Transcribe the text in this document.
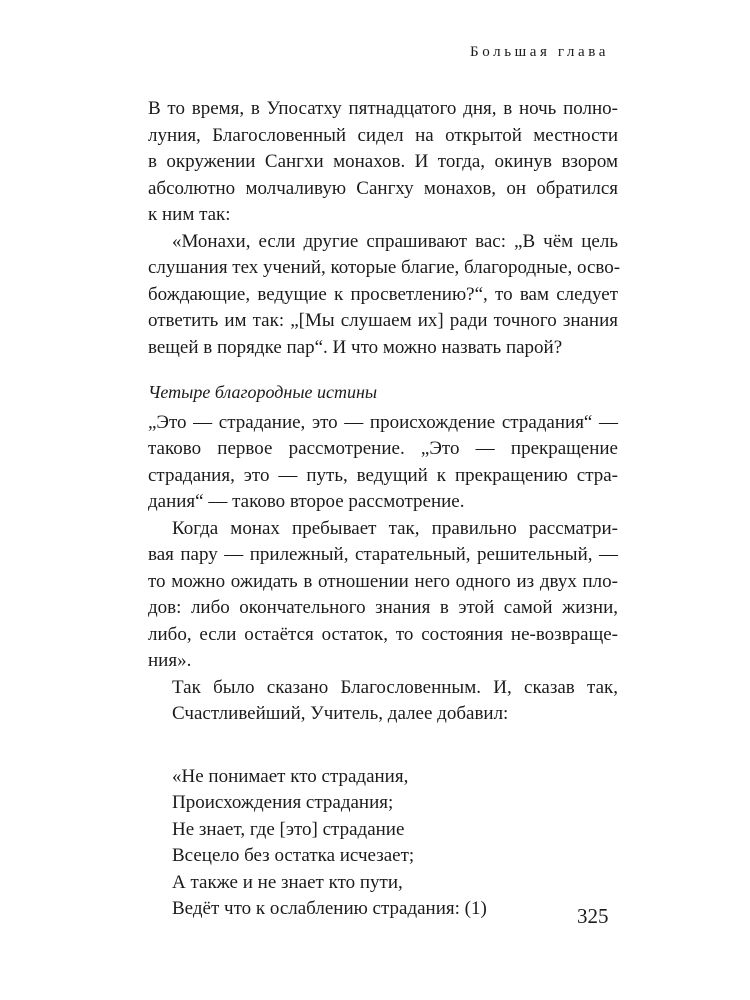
Большая глава

В то время, в Упосатху пятнадцатого дня, в ночь полно-
луния, Благословенный сидел на открытой местности
в окружении Сангхи монахов. И тогда, окинув взором
абсолютно молчаливую Сангху монахов, он обратился
к ним так:

«Монахи, если другие спрашивают вас: „В чём цель
слушания тех учений, которые благие, благородные, осво-
бождающие, ведущие к просветлению?“, то вам следует
ответить им так: „[Мы слушаем их] ради точного знания
вещей в порядке пар“. И что можно назвать парой?

Четыре благородные истины

„Это — страдание, это — происхождение страдания“ —
таково первое рассмотрение. „Это — прекращение
страдания, это — путь, ведущий к прекращению стра-
дания“ — таково второе рассмотрение.

Когда монах пребывает так, правильно рассматри-
вая пару — прилежный, старательный, решительный, —
то можно ожидать в отношении него одного из двух пло-
дов: либо окончательного знания в этой самой жизни,
либо, если остаётся остаток, то состояния не-возвраще-
ния».

Так было сказано Благословенным. И, сказав так,
Счастливейший, Учитель, далее добавил:

«Не понимает кто страдания,
Происхождения страдания;
Не знает, где [это] страдание
Всецело без остатка исчезает;
А также и не знает кто пути,
Ведёт что к ослаблению страдания: (1)	325
